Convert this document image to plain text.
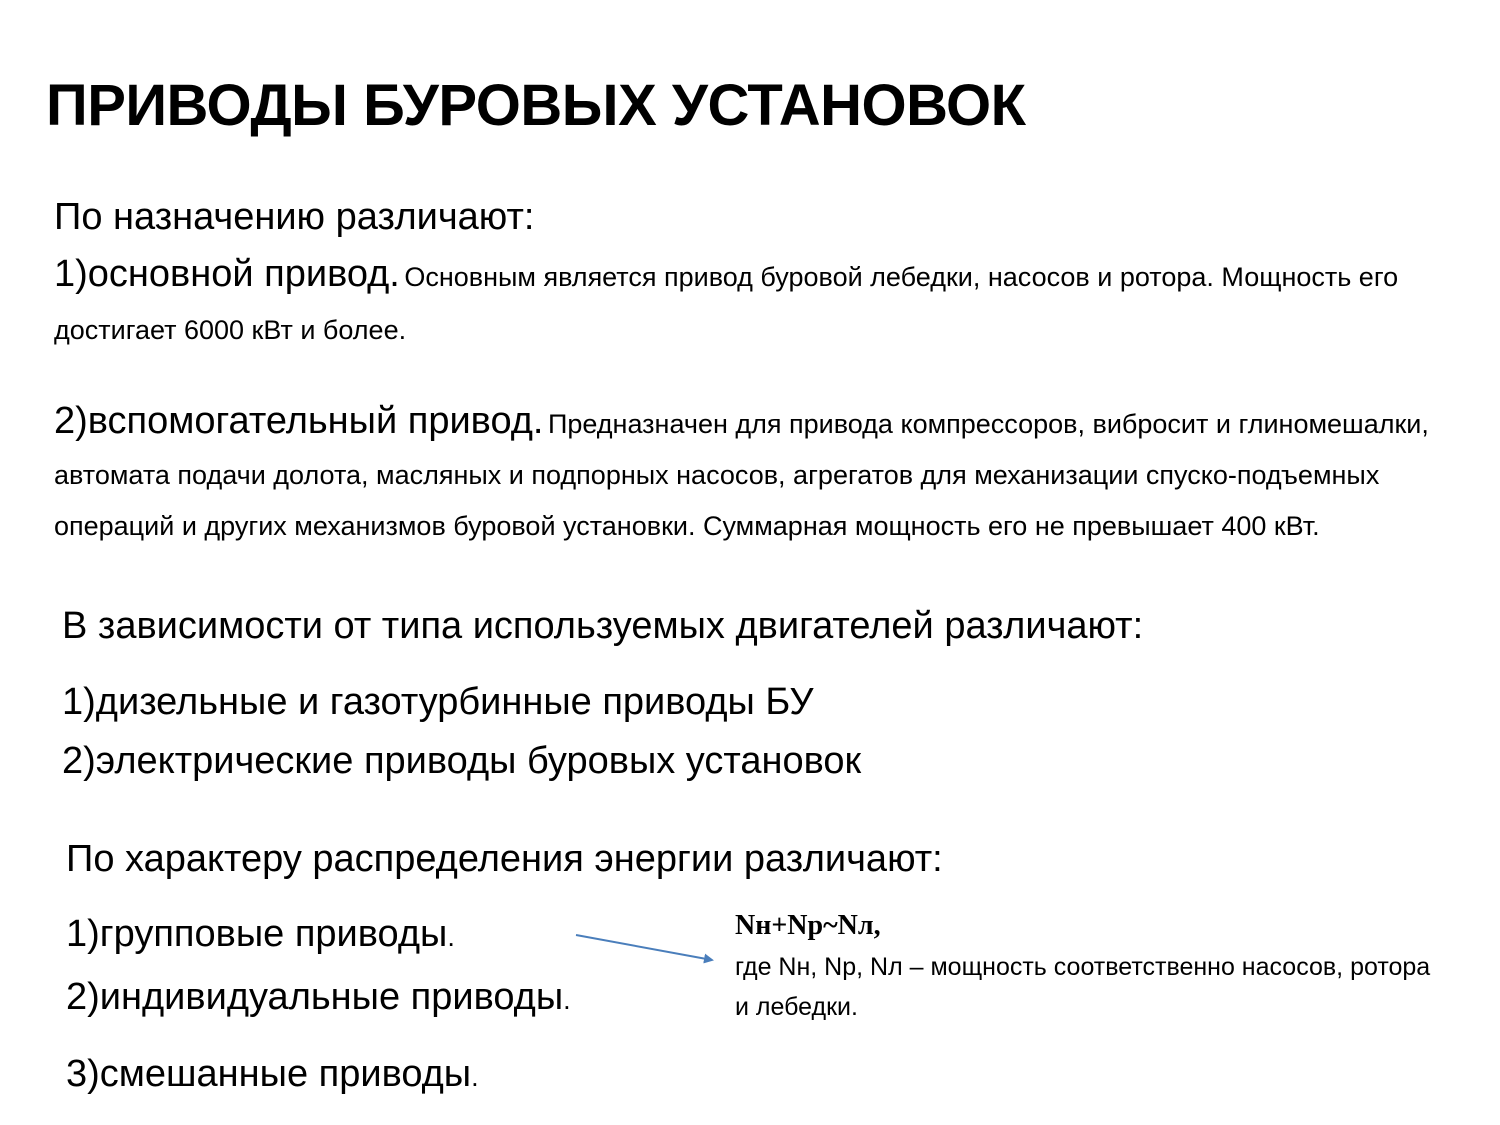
ПРИВОДЫ БУРОВЫХ УСТАНОВОК
По назначению различают:
1)основной привод. Основным является привод буровой лебедки, насосов и ротора. Мощность его достигает 6000 кВт и более.
2)вспомогательный привод. Предназначен для привода компрессоров, вибросит и глиномешалки, автомата подачи долота, масляных и подпорных насосов, агрегатов для механизации спуско-подъемных операций и других механизмов буровой установки. Суммарная мощность его не превышает 400 кВт.
В зависимости от типа используемых двигателей различают:
1)дизельные и газотурбинные приводы БУ
2)электрические приводы буровых установок
По характеру распределения энергии различают:
1)групповые приводы.
2)индивидуальные приводы.
3)смешанные приводы.
Nн+Nр~Nл,
где Nн, Nр, Nл – мощность соответственно насосов, ротора и лебедки.
